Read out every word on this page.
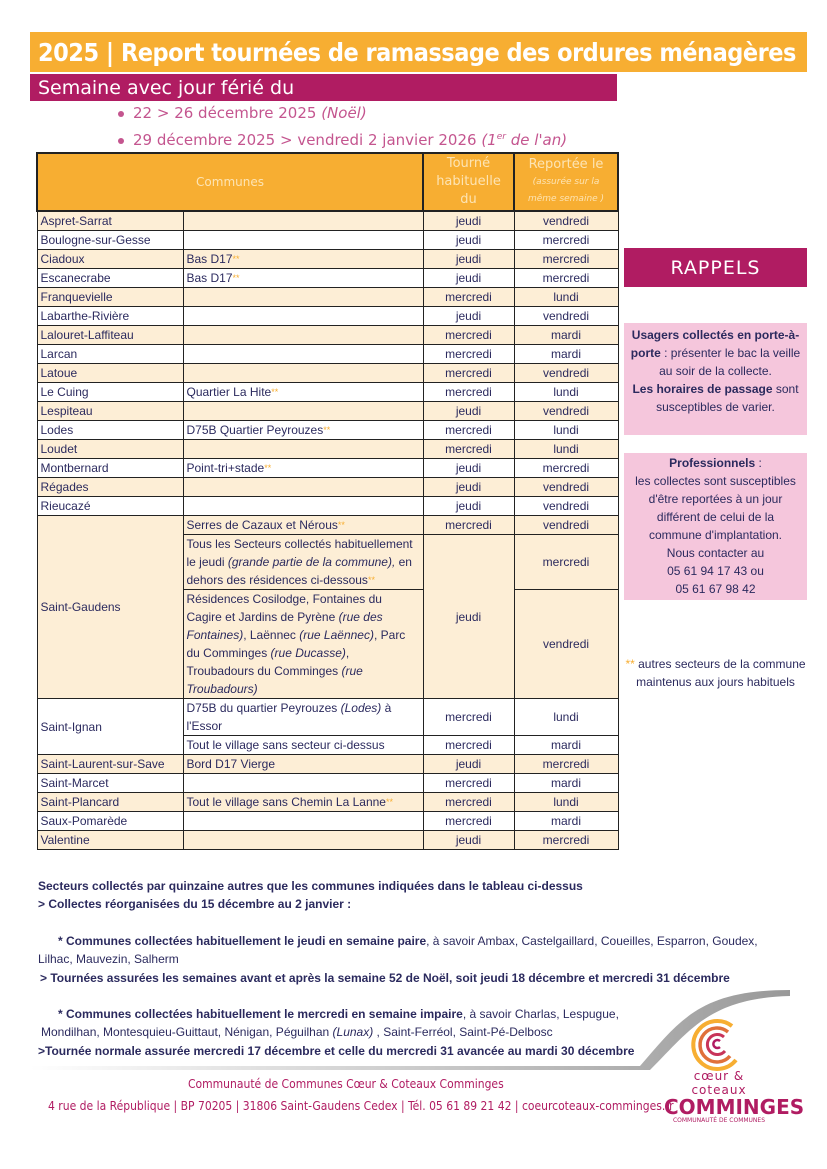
2025 | Report tournées de ramassage des ordures ménagères
Semaine avec jour férié du
22 > 26 décembre 2025 (Noël)
29 décembre 2025 > vendredi 2 janvier 2026 (1er de l'an)
Communes		Tourné habituelle du	Reportée le
(assurée sur la même semaine )

Aspret-Sarrat		jeudi	vendredi
Boulogne-sur-Gesse		jeudi	mercredi
Ciadoux	Bas D17**	jeudi	mercredi
Escanecrabe	Bas D17**	jeudi	mercredi
Franquevielle		mercredi	lundi
Labarthe-Rivière		jeudi	vendredi
Lalouret-Laffiteau		mercredi	mardi
Larcan		mercredi	mardi
Latoue		mercredi	vendredi
Le Cuing	Quartier La Hite**	mercredi	lundi
Lespiteau		jeudi	vendredi
Lodes	D75B Quartier Peyrouzes**	mercredi	lundi
Loudet		mercredi	lundi
Montbernard	Point-tri+stade**	jeudi	mercredi
Régades		jeudi	vendredi
Rieucazé		jeudi	vendredi
Saint-Gaudens	Serres de Cazaux et Nérous**	mercredi	vendredi
	Tous les Secteurs collectés habituellement le jeudi (grande partie de la commune), en dehors des résidences ci-dessous**	jeudi	mercredi
	Résidences Cosilodge, Fontaines du Cagire et Jardins de Pyrène (rue des Fontaines), Laënnec (rue Laënnec), Parc du Comminges (rue Ducasse), Troubadours du Comminges (rue Troubadours)		vendredi
Saint-Ignan	D75B du quartier Peyrouzes (Lodes) à l'Essor	mercredi	lundi
	Tout le village sans secteur ci-dessus	mercredi	mardi
Saint-Laurent-sur-Save	Bord D17 Vierge	jeudi	mercredi
Saint-Marcet		mercredi	mardi
Saint-Plancard	Tout le village sans Chemin La Lanne**	mercredi	lundi
Saux-Pomarède		mercredi	mardi
Valentine		jeudi	mercredi
RAPPELS
Usagers collectés en porte-à-porte : présenter le bac la veille au soir de la collecte.
Les horaires de passage sont susceptibles de varier.
Professionnels :
les collectes sont susceptibles d'être reportées à un jour différent de celui de la commune d'implantation.
Nous contacter au
05 61 94 17 43 ou
05 61 67 98 42
** autres secteurs de la commune maintenus aux jours habituels
Secteurs collectés par quinzaine autres que les communes indiquées dans le tableau ci-dessus
> Collectes réorganisées du 15 décembre au 2 janvier :
* Communes collectées habituellement le jeudi en semaine paire, à savoir Ambax, Castelgaillard, Coueilles, Esparron, Goudex,
Lilhac, Mauvezin, Salherm
> Tournées assurées les semaines avant et après la semaine 52 de Noël, soit jeudi 18 décembre et mercredi 31 décembre
* Communes collectées habituellement le mercredi en semaine impaire, à savoir Charlas, Lespugue,
Mondilhan, Montesquieu-Guittaut, Nénigan, Péguilhan (Lunax) , Saint-Ferréol, Saint-Pé-Delbosc
>Tournée normale assurée mercredi 17 décembre et celle du mercredi 31 avancée au mardi 30 décembre
Communauté de Communes Cœur & Coteaux Comminges
4 rue de la République | BP 70205 | 31806 Saint-Gaudens Cedex | Tél. 05 61 89 21 42 | coeurcoteaux-comminges.fr
cœur & coteaux
COMMINGES
COMMUNAUTÉ DE COMMUNES
